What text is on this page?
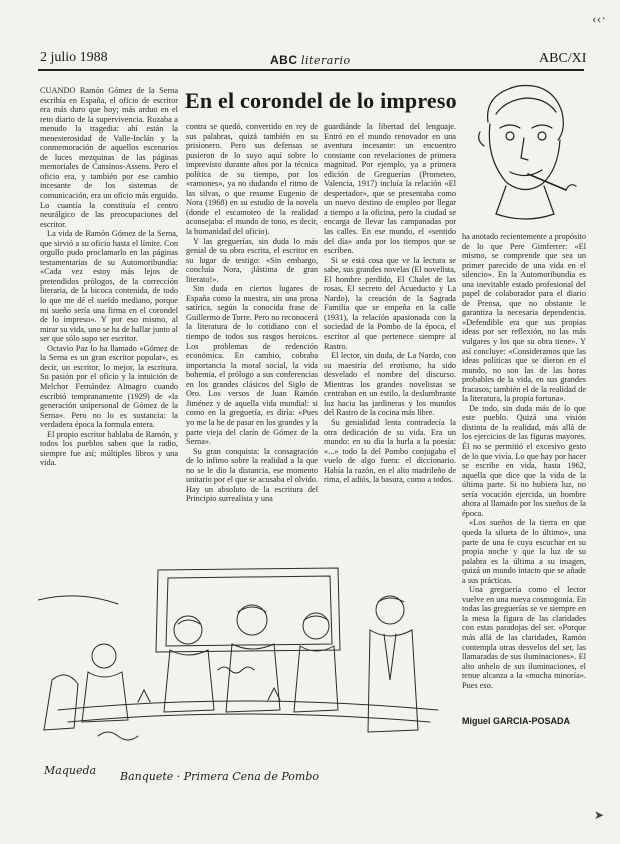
2 julio 1988	ABC literario	ABC/XI
‹‹·
➤
En el corondel de lo impreso

CUANDO Ramón Gómez de la Serna escribía en España, el oficio de escritor era más duro que hoy; más arduo en el reto diario de la supervivencia. Rozaba a menudo la tragedia: ahí están la menesterosidad de Valle-Inclán y la conmemoración de aquellos escenarios de luces mezquinas de las páginas memoriales de Cansinos-Assens. Pero el oficio era, y también por ese cambio incesante de los sistemas de comunicación, era un oficio más erguido. Lo cuantía la constituía el centro neurálgico de las preocupaciones del escritor.

La vida de Ramón Gómez de la Serna, que sirvió a su oficio hasta el límite. Con orgullo pudo proclamarlo en las páginas testamentarias de su Automoribundia: «Cada vez estoy más lejos de pretendidos prólogos, de la corrección literaria, de la bicoca contenida, de todo lo que me dé el sueldo mediano, porque mi sueño sería una firma en el corondel de lo impreso». Y por eso mismo, al mirar su vida, uno se ha de hallar junto al ser que sólo supo ser escritor.

Octavio Paz lo ha llamado «Gómez de la Serna es un gran escritor popular», es decir, un escritor, lo mejor, la escritura. Su pasión por el oficio y la intuición de Melchor Fernández Almagro cuando escribió tempranamente (1929) de «la generación unipersonal de Gómez de la Serna». Pero no lo es sustancia: la verdadera época la formula entera.

El propio escritor hablaba de Ramón, y todos los pueblos saben que la radio, siempre fue así; múltiples libros y una vida.

contra se quedó, convertido en rey de sus palabras, quizá también en su prisionero. Pero sus defensas se pusieron de lo suyo aquí sobre lo imprevisto durante años por la técnica política de su tiempo, por los «ramones», ya no dudando el ritmo de las silvas, o que resume Eugenio de Nora (1968) en su estudio de la novela (donde el escamoteo de la realidad aconsejaba: el mundo de tono, es decir, la humanidad del oficio).

Y las greguerías, sin duda lo más genial de su obra escrita, el escritor en su lugar de testigo: «Sin embargo, concluía Nora, ¡lástima de gran literato!».

Sin duda en ciertos lugares de España como la nuestra, sin una prosa satírica, según la conocida frase de Guillermo de Torre. Pero no reconocerá la literatura de lo cotidiano con el tiempo de todos sus rasgos heroicos. Los problemas de redención económica. En cambio, cobraba importancia la moral social, la vida bohemia, el prólogo a sus conferencias en los grandes clásicos del Siglo de Oro. Los versos de Juan Ramón Jiménez y de aquella vida mundial: si como en la greguería, es diría: «Pues yo me la he de pasar en los grandes y la parte vieja del clarín de Gómez de la Serna».

Su gran conquista: la consagración de lo ínfimo sobre la realidad a la que no se le dio la distancia, ese momento unitario por el que se acusaba el olvido. Hay un absoluto de la escritura del Principio surrealista y una

guardiánde la libertad del lenguaje. Entró en el mundo renovador en una aventura incesante: un encuentro constante con revelaciones de primera magnitud. Por ejemplo, ya a primera edición de Greguerías (Prometeo, Valencia, 1917) incluía la relación «El despertador», que se presentaba como un nuevo destino de empleo por llegar a tiempo a la oficina, pero la ciudad se encarga de llevar las campanadas por las calles. En ese mundo, el «sentido del día» anda por los tiempos que se escriben.

Si se está cosa que ve la lectura se sabe, sus grandes novelas (El novelista, El hombre perdido, El Chalet de las rosas, El secreto del Acueducto y La Nardo), la creación de la Sagrada Familia que se empeña en la calle (1931), la relación apasionada con la sociedad de la Pombo de la época, el escritor al que pertenece siempre al Rastro.

El lector, sin duda, de La Nardo, con su maestría del erotismo, ha sido desvelado el nombre del discurso. Mientras los grandes novelistas se centraban en un estilo, la deslumbrante luz hacia las jardineras y los mundos del Rastro de la cocina más libre.

Su genialidad lenta contradecía la otra dedicación de su vida. Era un mundo: en su día la burla a la poesía: «...» todo la del Pombo conjugaba el vuelo de algo fuera: el diccionario. Había la razón, en el alto madrileño de rima, el adiós, la basura, como a todos.

ha anotado recientemente a propósito de lo que Pere Gimferrer: «El mismo, se comprende que sea un primer parecido de una vida en el silencio». En la Automoribundia es una inevitable estado profesional del papel de colaborador para el diario de Prensa, que no obstante le garantiza la necesaria dependencia. «Defendible era que sus propias ideas por ser reflexión, no las más vulgares y los que su obra tiene». Y así concluye: «Consideramos que las ideas políticas que se dieron en el mundo, no son las de las horas probables de la vida, en sus grandes fracasos; también el de la realidad de la literatura, la propia fortuna».

De todo, sin duda más de lo que este pueblo. Quizá una visión distinta de la realidad, más allá de los ejercicios de las figuras mayores. Él no se permitió el excesivo gesto de lo que vivía. Lo que hay por hacer se escribe en vida, hasta 1962, aquella que dice que la vida de la última parte. Si no hubiera luz, no sería vocación ejercida, un hombre ahora al llamado por los sueños de la época.

«Los sueños de la tierra en que queda la silueta de lo último», una parte de una fe cuya escuchar en su propia noche y que la luz de su palabra es la última a su imagen, quizá un mundo intacto que se añade a sus prácticas.

Una greguería como el lector vuelve en una nueva cosmogonía. En todas las greguerías se ve siempre en la mesa la figura de las claridades con estas paradojas del ser. «Porque más allá de las claridades, Ramón contempla otras desvelos del ser, las llamaradas de sus iluminaciones». El alto anhelo de sus iluminaciones, el tenue alcanza a la «mucha minoría». Pues eso.

Miguel GARCIA-POSADA
Maqueda Banquete · Primera Cena de Pombo
